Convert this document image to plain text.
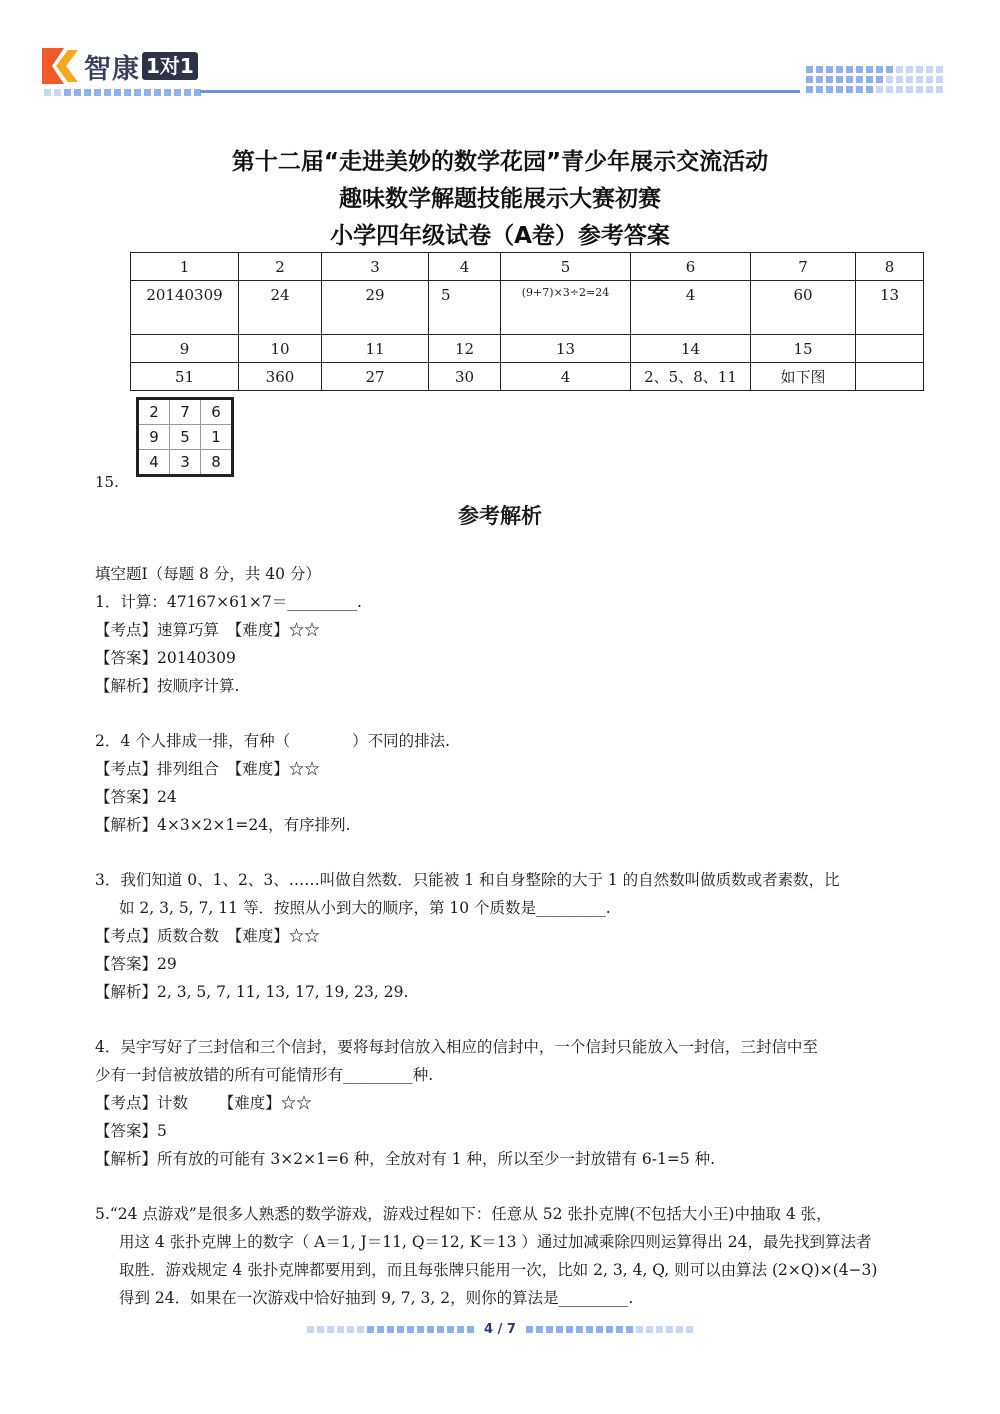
智康 1对1
第十二届“走进美妙的数学花园”青少年展示交流活动
趣味数学解题技能展示大赛初赛
小学四年级试卷（A卷）参考答案
1	2	3	4	5	6	7	8
20140309	24	29	5	(9+7)×3÷2=24	4	60	13
9	10	11	12	13	14	15	
51	360	27	30	4	2、5、8、11	如下图	
2	7	6
9	5	1
4	3	8
15.
参考解析

填空题Ⅰ（每题 8 分，共 40 分）

1．计算：47167×61×7＝_________.

【考点】速算巧算　 【难度】☆☆

【答案】20140309

【解析】按顺序计算.

2．4 个人排成一排，有种（　　　　）不同的排法.

【考点】排列组合　 【难度】☆☆

【答案】24

【解析】4×3×2×1=24，有序排列.

3．我们知道 0、1、2、3、……叫做自然数．只能被 1 和自身整除的大于 1 的自然数叫做质数或者素数，比

如 2, 3, 5, 7, 11 等．按照从小到大的顺序，第 10 个质数是_________.

【考点】质数合数　 【难度】☆☆

【答案】29

【解析】2, 3, 5, 7, 11, 13, 17, 19, 23, 29.

4．吴宇写好了三封信和三个信封，要将每封信放入相应的信封中，一个信封只能放入一封信，三封信中至

少有一封信被放错的所有可能情形有_________种.

【考点】计数　 【难度】☆☆

【答案】5

【解析】所有放的可能有 3×2×1=6 种，全放对有 1 种，所以至少一封放错有 6-1=5 种.

5.“24 点游戏”是很多人熟悉的数学游戏，游戏过程如下：任意从 52 张扑克牌(不包括大小王)中抽取 4 张，

用这 4 张扑克牌上的数字（ A＝1, J＝11, Q＝12, K＝13 ）通过加减乘除四则运算得出 24，最先找到算法者

取胜．游戏规定 4 张扑克牌都要用到，而且每张牌只能用一次，比如 2, 3, 4, Q, 则可以由算法 (2×Q)×(4−3)

得到 24．如果在一次游戏中恰好抽到 9, 7, 3, 2，则你的算法是_________.

4 / 7
